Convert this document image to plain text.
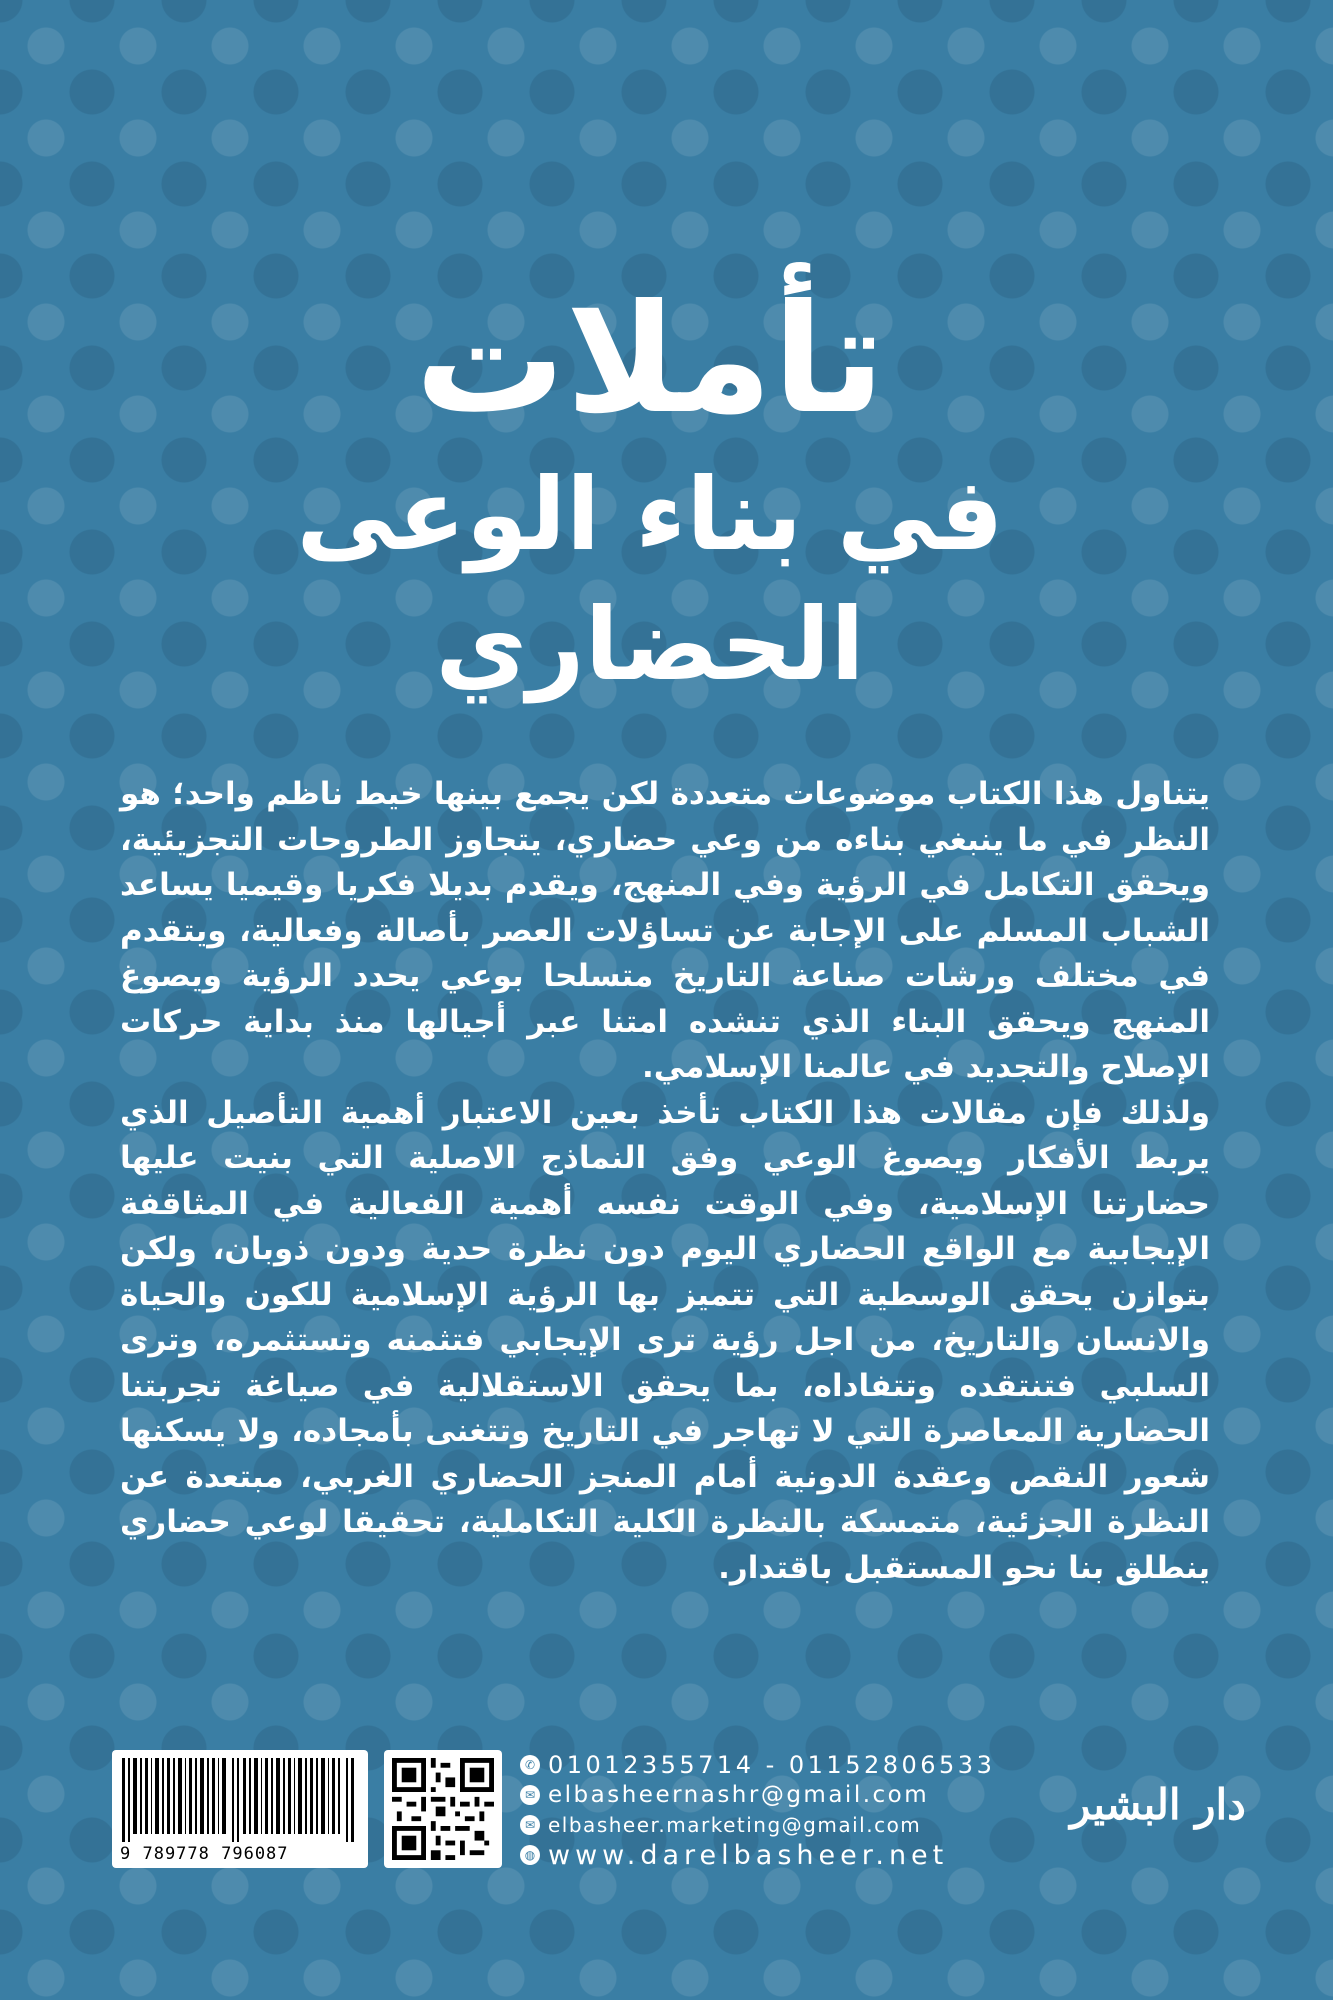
تأملات
في بناء الوعى
الحضاري

يتناول هذا الكتاب موضوعات متعددة لكن يجمع بينها خيط ناظم واحد؛ هو النظر في ما ينبغي بناءه من وعي حضاري، يتجاوز الطروحات التجزيئية، ويحقق التكامل في الرؤية وفي المنهج، ويقدم بديلا فكريا وقيميا يساعد الشباب المسلم على الإجابة عن تساؤلات العصر بأصالة وفعالية، ويتقدم في مختلف ورشات صناعة التاريخ متسلحا بوعي يحدد الرؤية ويصوغ المنهج ويحقق البناء الذي تنشده امتنا عبر أجيالها منذ بداية حركات الإصلاح والتجديد في عالمنا الإسلامي.

ولذلك فإن مقالات هذا الكتاب تأخذ بعين الاعتبار أهمية التأصيل الذي يربط الأفكار ويصوغ الوعي وفق النماذج الاصلية التي بنيت عليها حضارتنا الإسلامية، وفي الوقت نفسه أهمية الفعالية في المثاقفة الإيجابية مع الواقع الحضاري اليوم دون نظرة حدية ودون ذوبان، ولكن بتوازن يحقق الوسطية التي تتميز بها الرؤية الإسلامية للكون والحياة والانسان والتاريخ، من اجل رؤية ترى الإيجابي فتثمنه وتستثمره، وترى السلبي فتنتقده وتتفاداه، بما يحقق الاستقلالية في صياغة تجربتنا الحضارية المعاصرة التي لا تهاجر في التاريخ وتتغنى بأمجاده، ولا يسكنها شعور النقص وعقدة الدونية أمام المنجز الحضاري الغربي، مبتعدة عن النظرة الجزئية، متمسكة بالنظرة الكلية التكاملية، تحقيقا لوعي حضاري ينطلق بنا نحو المستقبل باقتدار.

9 789778 796087
✆ 01012355714 - 01152806533
✉ elbasheernashr@gmail.com
✉ elbasheer.marketing@gmail.com
◍ www.darelbasheer.net
دار البشير
